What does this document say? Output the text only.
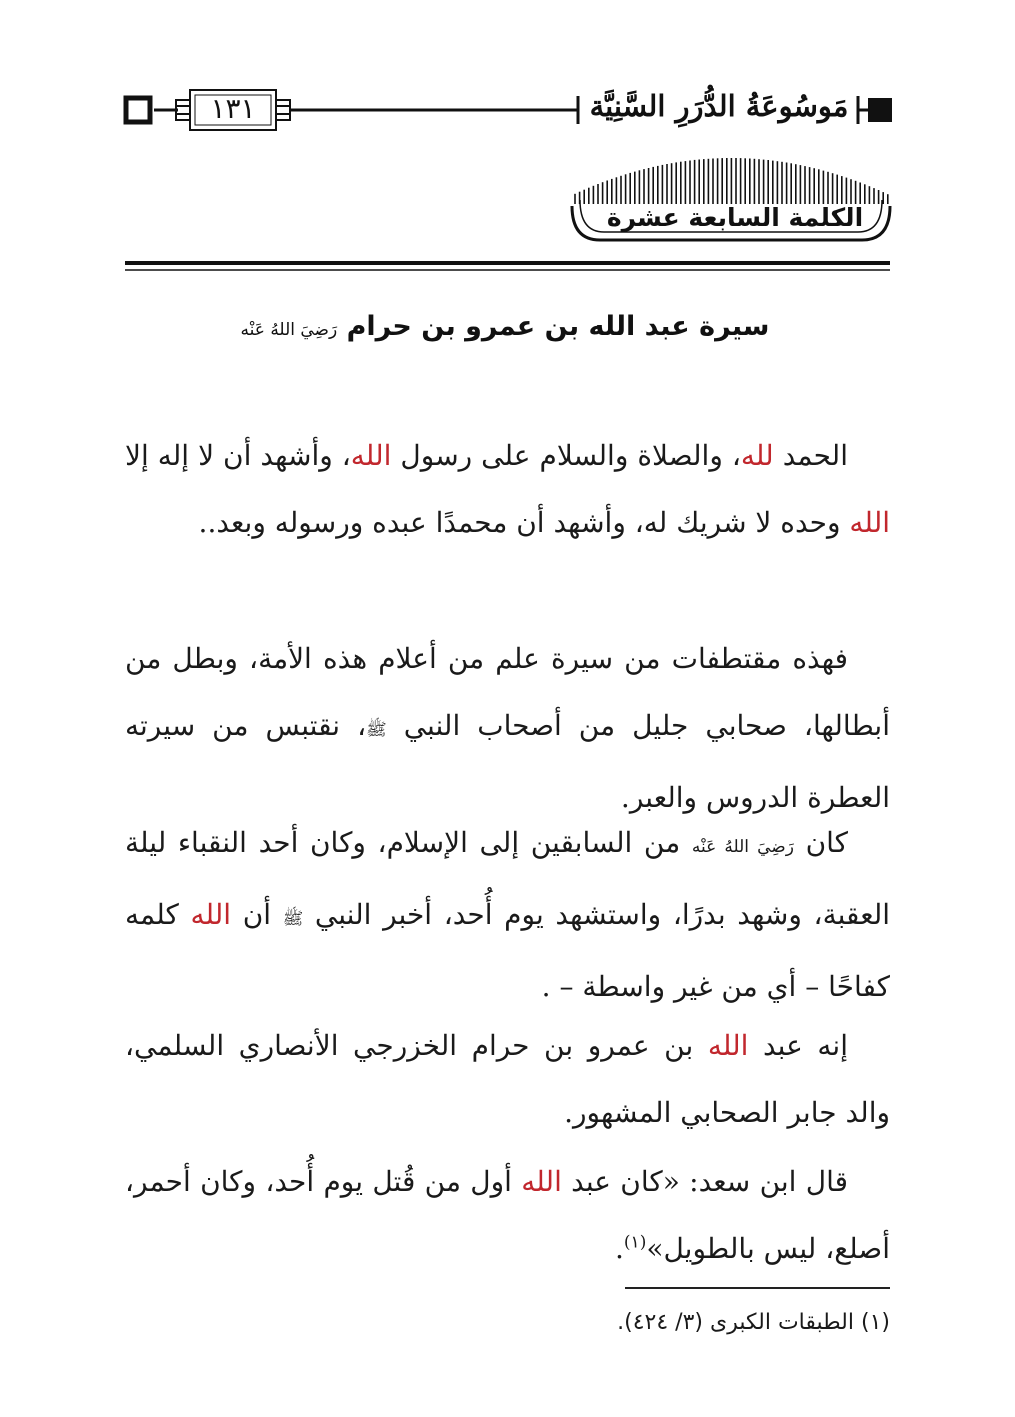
١٣١	مَوسُوعَةُ الدُّرَرِ السَّنِيَّة
الكلمة السابعة عشرة
سيرة عبد الله بن عمرو بن حرام رَضِيَ اللهُ عَنْه

الحمد لله، والصلاة والسلام على رسول الله، وأشهد أن لا إله إلا الله وحده لا شريك له، وأشهد أن محمدًا عبده ورسوله وبعد..

فهذه مقتطفات من سيرة علم من أعلام هذه الأمة، وبطل من أبطالها، صحابي جليل من أصحاب النبي ﷺ، نقتبس من سيرته العطرة الدروس والعبر.

كان رَضِيَ اللهُ عَنْه من السابقين إلى الإسلام، وكان أحد النقباء ليلة العقبة، وشهد بدرًا، واستشهد يوم أُحد، أخبر النبي ﷺ أن الله كلمه كفاحًا – أي من غير واسطة – .

إنه عبد الله بن عمرو بن حرام الخزرجي الأنصاري السلمي، والد جابر الصحابي المشهور.

قال ابن سعد: «كان عبد الله أول من قُتل يوم أُحد، وكان أحمر، أصلع، ليس بالطويل»$^{(١)}$.

(١) الطبقات الكبرى (٣/ ٤٢٤).
